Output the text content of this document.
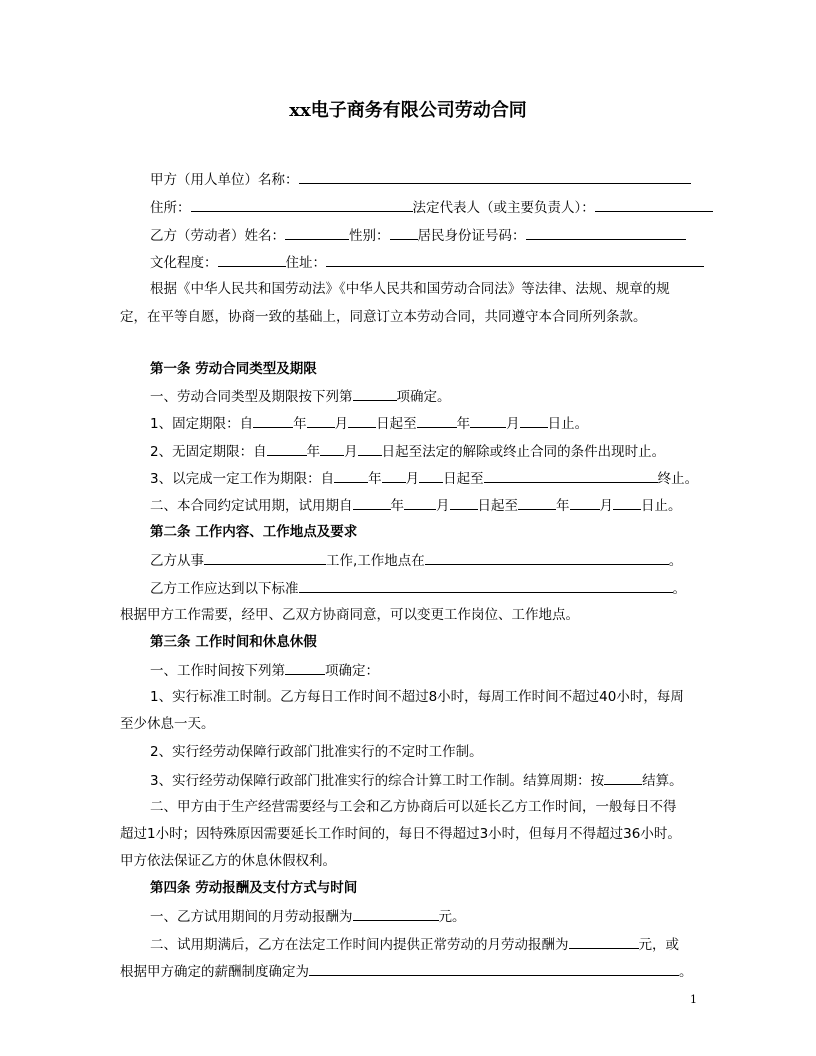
xx电子商务有限公司劳动合同
甲方（用人单位）名称：
住所：	法定代表人（或主要负责人）：
乙方（劳动者）姓名：	性别： 居民身份证号码：
文化程度：	住址：
根据《中华人民共和国劳动法》《中华人民共和国劳动合同法》等法律、法规、规章的规
定，在平等自愿，协商一致的基础上，同意订立本劳动合同，共同遵守本合同所列条款。
第一条 劳动合同类型及期限
一、劳动合同类型及期限按下列第	项确定。
1、固定期限：自	年 月 日起至	年	月 日止。
2、无固定期限：自	年 月 日起至法定的解除或终止合同的条件出现时止。
3、以完成一定工作为期限：自	年 月 日起至	终止。
二、本合同约定试用期，试用期自	年 月 日起至	年 月 日止。
第二条 工作内容、工作地点及要求
乙方从事	工作,工作地点在	。
乙方工作应达到以下标准	。
根据甲方工作需要，经甲、乙双方协商同意，可以变更工作岗位、工作地点。
第三条 工作时间和休息休假
一、工作时间按下列第	项确定：
1、实行标准工时制。乙方每日工作时间不超过8小时，每周工作时间不超过40小时，每周
至少休息一天。
2、实行经劳动保障行政部门批准实行的不定时工作制。
3、实行经劳动保障行政部门批准实行的综合计算工时工作制。结算周期：按	结算。
二、甲方由于生产经营需要经与工会和乙方协商后可以延长乙方工作时间，一般每日不得
超过1小时；因特殊原因需要延长工作时间的，每日不得超过3小时，但每月不得超过36小时。
甲方依法保证乙方的休息休假权利。
第四条 劳动报酬及支付方式与时间
一、乙方试用期间的月劳动报酬为	元。
二、试用期满后，乙方在法定工作时间内提供正常劳动的月劳动报酬为	元，或
根据甲方确定的薪酬制度确定为	。
1
